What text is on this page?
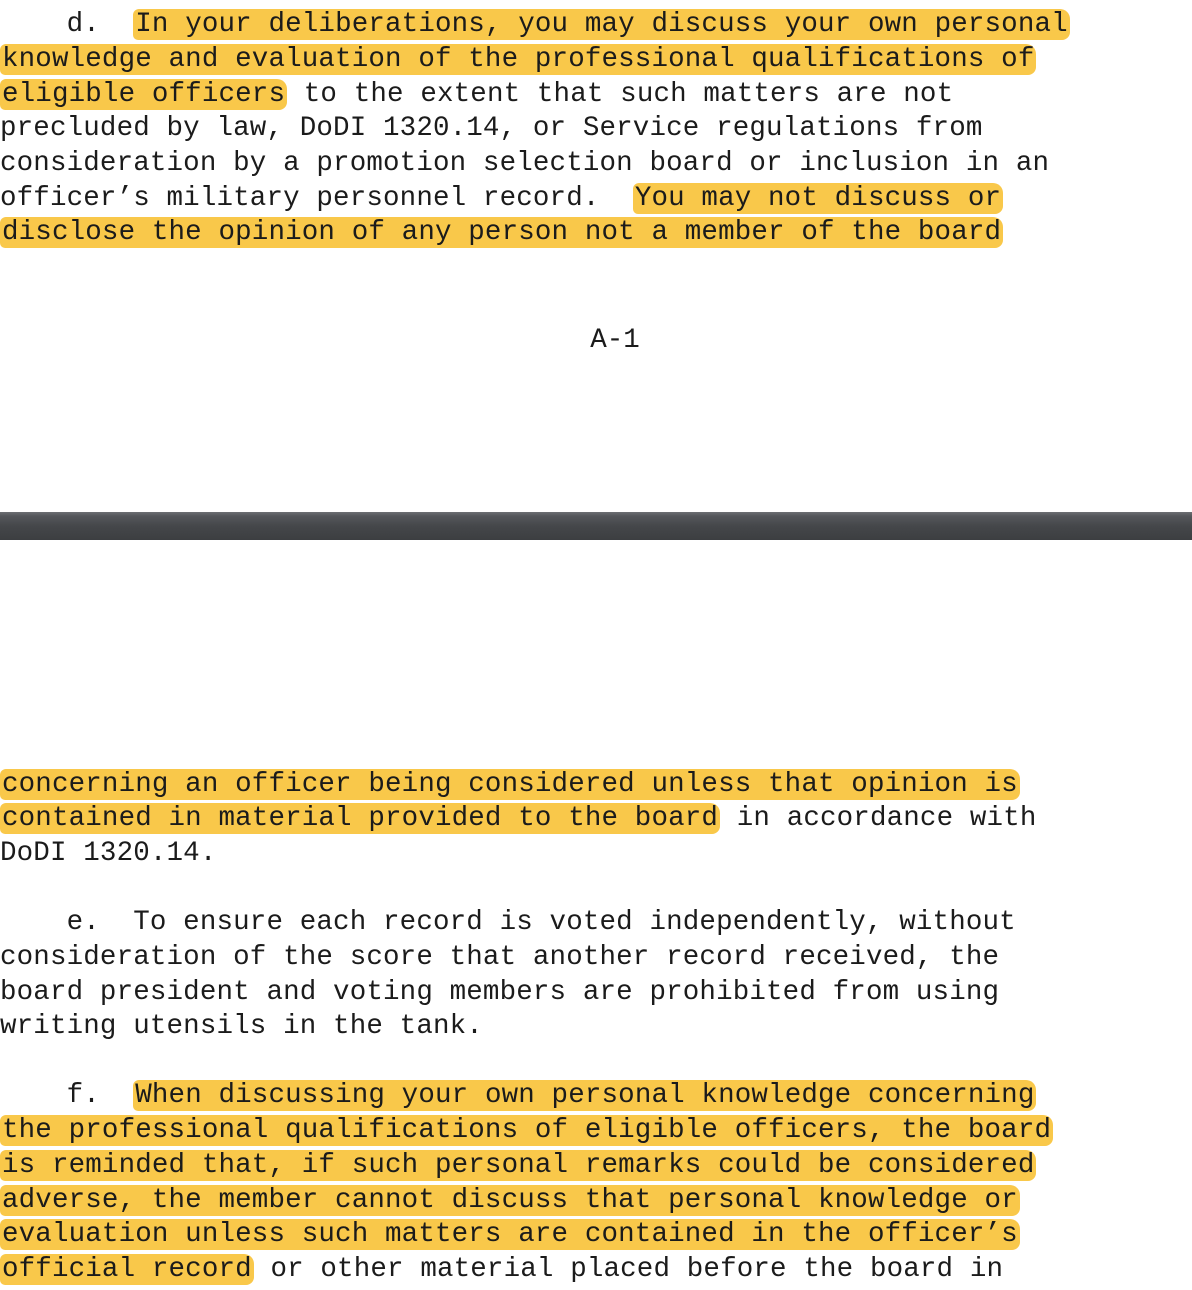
d.  In your deliberations, you may discuss your own personal
knowledge and evaluation of the professional qualifications of
eligible officers to the extent that such matters are not
precluded by law, DoDI 1320.14, or Service regulations from
consideration by a promotion selection board or inclusion in an
officer’s military personnel record.  You may not discuss or
disclose the opinion of any person not a member of the board
A-1
concerning an officer being considered unless that opinion is
contained in material provided to the board in accordance with
DoDI 1320.14.
e.  To ensure each record is voted independently, without
consideration of the score that another record received, the
board president and voting members are prohibited from using
writing utensils in the tank.
f.  When discussing your own personal knowledge concerning
the professional qualifications of eligible officers, the board
is reminded that, if such personal remarks could be considered
adverse, the member cannot discuss that personal knowledge or
evaluation unless such matters are contained in the officer’s
official record or other material placed before the board in
